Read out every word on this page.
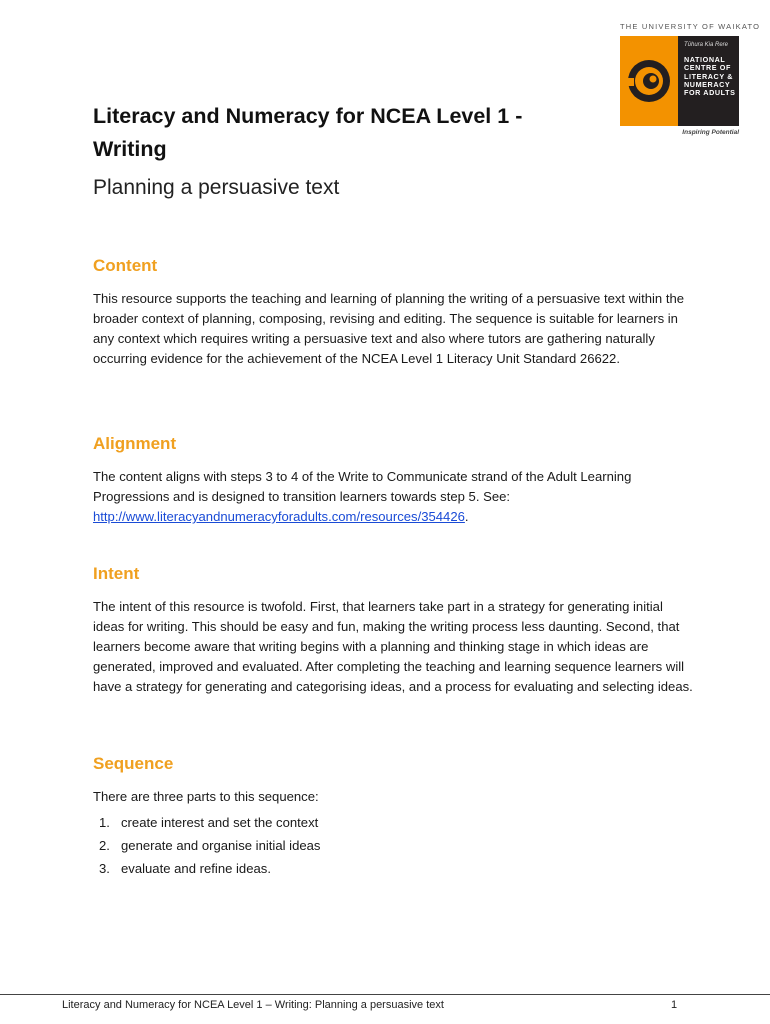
THE UNIVERSITY OF WAIKATO
Tūhura Kia Rere
NATIONAL
CENTRE OF
LITERACY &
NUMERACY
FOR ADULTS
Inspiring Potential
Literacy and Numeracy for NCEA Level 1 - Writing

Planning a persuasive text

Content

This resource supports the teaching and learning of planning the writing of a persuasive text within the broader context of planning, composing, revising and editing. The sequence is suitable for learners in any context which requires writing a persuasive text and also where tutors are gathering naturally occurring evidence for the achievement of the NCEA Level 1 Literacy Unit Standard 26622.

Alignment

The content aligns with steps 3 to 4 of the Write to Communicate strand of the Adult Learning Progressions and is designed to transition learners towards step 5. See: http://www.literacyandnumeracyforadults.com/resources/354426.

Intent

The intent of this resource is twofold. First, that learners take part in a strategy for generating initial ideas for writing. This should be easy and fun, making the writing process less daunting. Second, that learners become aware that writing begins with a planning and thinking stage in which ideas are generated, improved and evaluated. After completing the teaching and learning sequence learners will have a strategy for generating and categorising ideas, and a process for evaluating and selecting ideas.

Sequence

There are three parts to this sequence:

1. create interest and set the context
2. generate and organise initial ideas
3. evaluate and refine ideas.
Literacy and Numeracy for NCEA Level 1 – Writing: Planning a persuasive text	1
